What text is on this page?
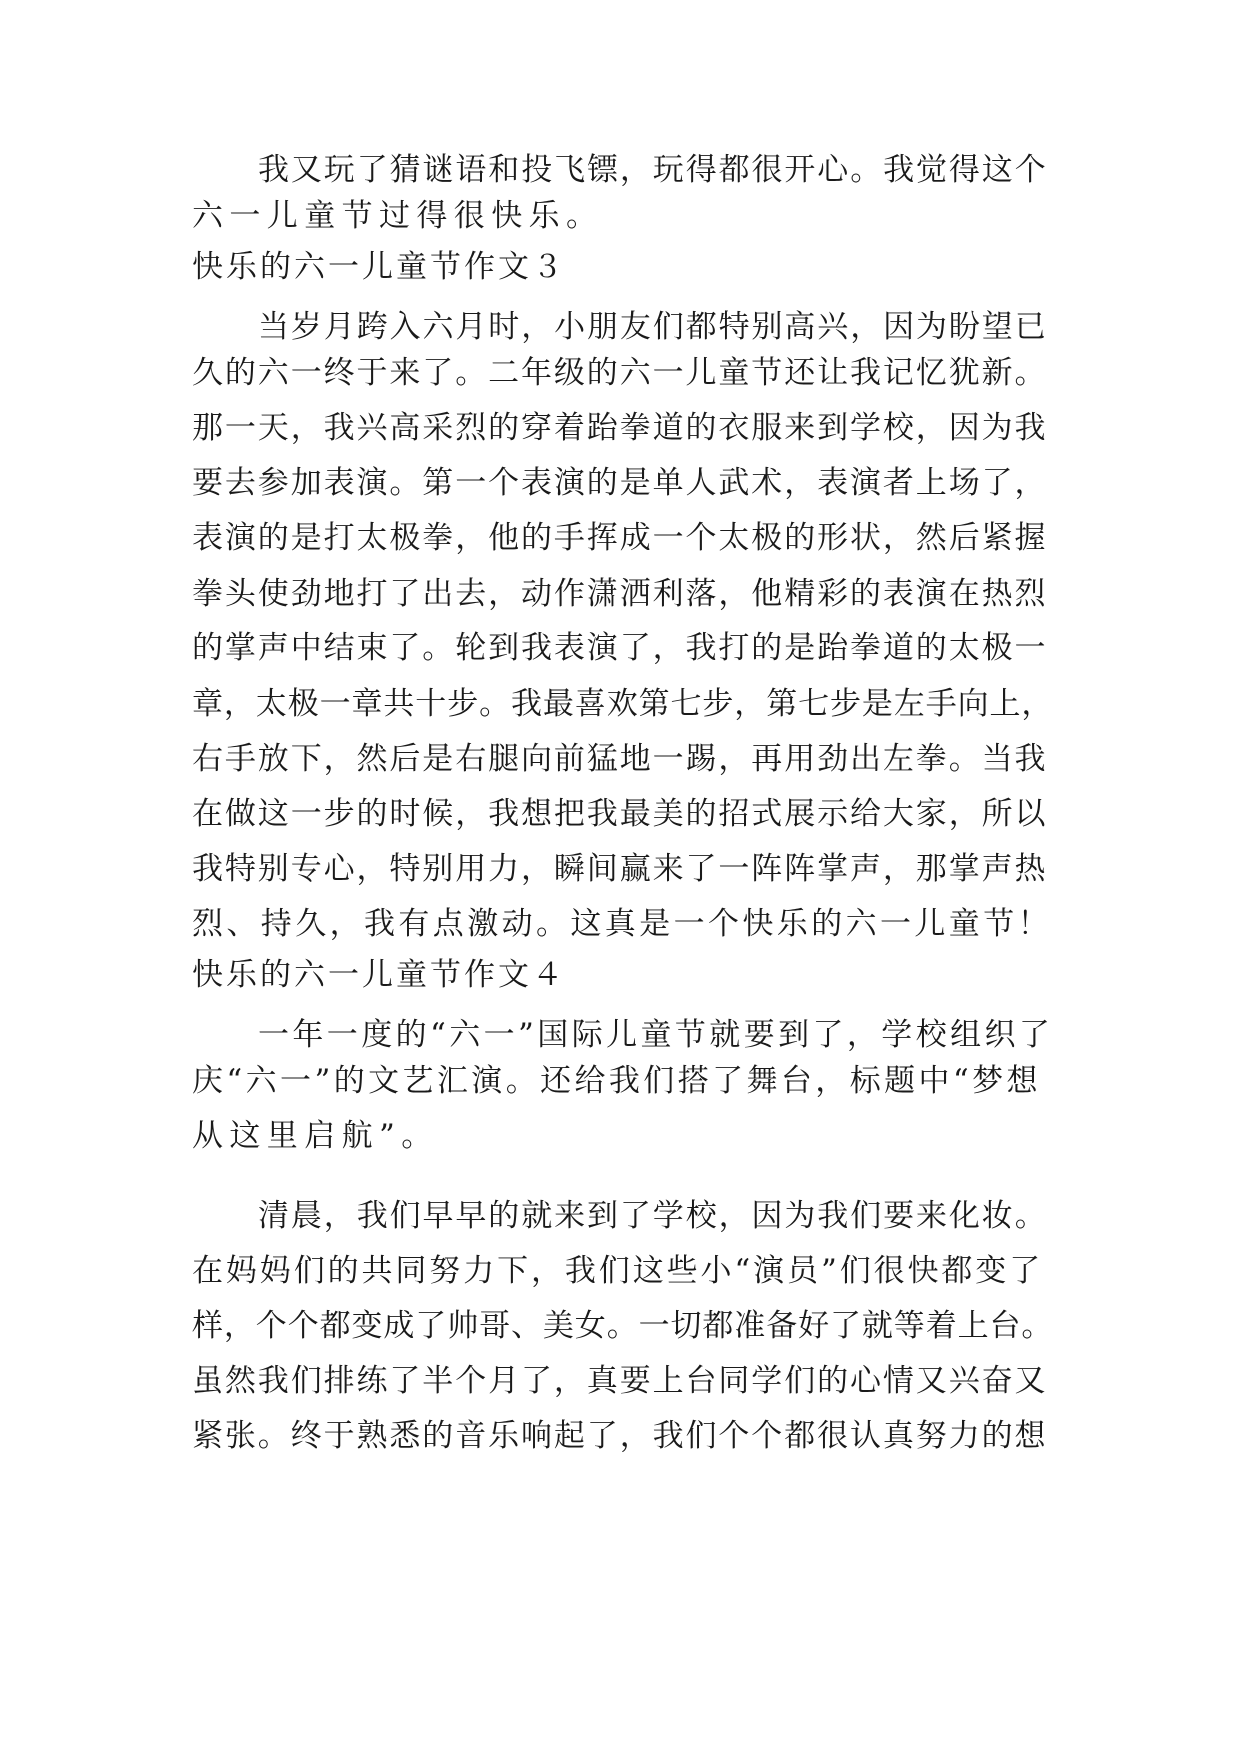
我又玩了猜谜语和投飞镖，玩得都很开心。我觉得这个
六一儿童节过得很快乐。
快乐的六一儿童节作文３
当岁月跨入六月时，小朋友们都特别高兴，因为盼望已
久的六一终于来了。二年级的六一儿童节还让我记忆犹新。
那一天，我兴高采烈的穿着跆拳道的衣服来到学校，因为我
要去参加表演。第一个表演的是单人武术，表演者上场了，
表演的是打太极拳，他的手挥成一个太极的形状，然后紧握
拳头使劲地打了出去，动作潇洒利落，他精彩的表演在热烈
的掌声中结束了。轮到我表演了，我打的是跆拳道的太极一
章，太极一章共十步。我最喜欢第七步，第七步是左手向上，
右手放下，然后是右腿向前猛地一踢，再用劲出左拳。当我
在做这一步的时候，我想把我最美的招式展示给大家，所以
我特别专心，特别用力，瞬间赢来了一阵阵掌声，那掌声热
烈、持久，我有点激动。这真是一个快乐的六一儿童节！
快乐的六一儿童节作文４
一年一度的“六一”国际儿童节就要到了，学校组织了
庆“六一”的文艺汇演。还给我们搭了舞台，标题中“梦想
从这里启航”。
清晨，我们早早的就来到了学校，因为我们要来化妆。
在妈妈们的共同努力下，我们这些小“演员”们很快都变了
样，个个都变成了帅哥、美女。一切都准备好了就等着上台。
虽然我们排练了半个月了，真要上台同学们的心情又兴奋又
紧张。终于熟悉的音乐响起了，我们个个都很认真努力的想
